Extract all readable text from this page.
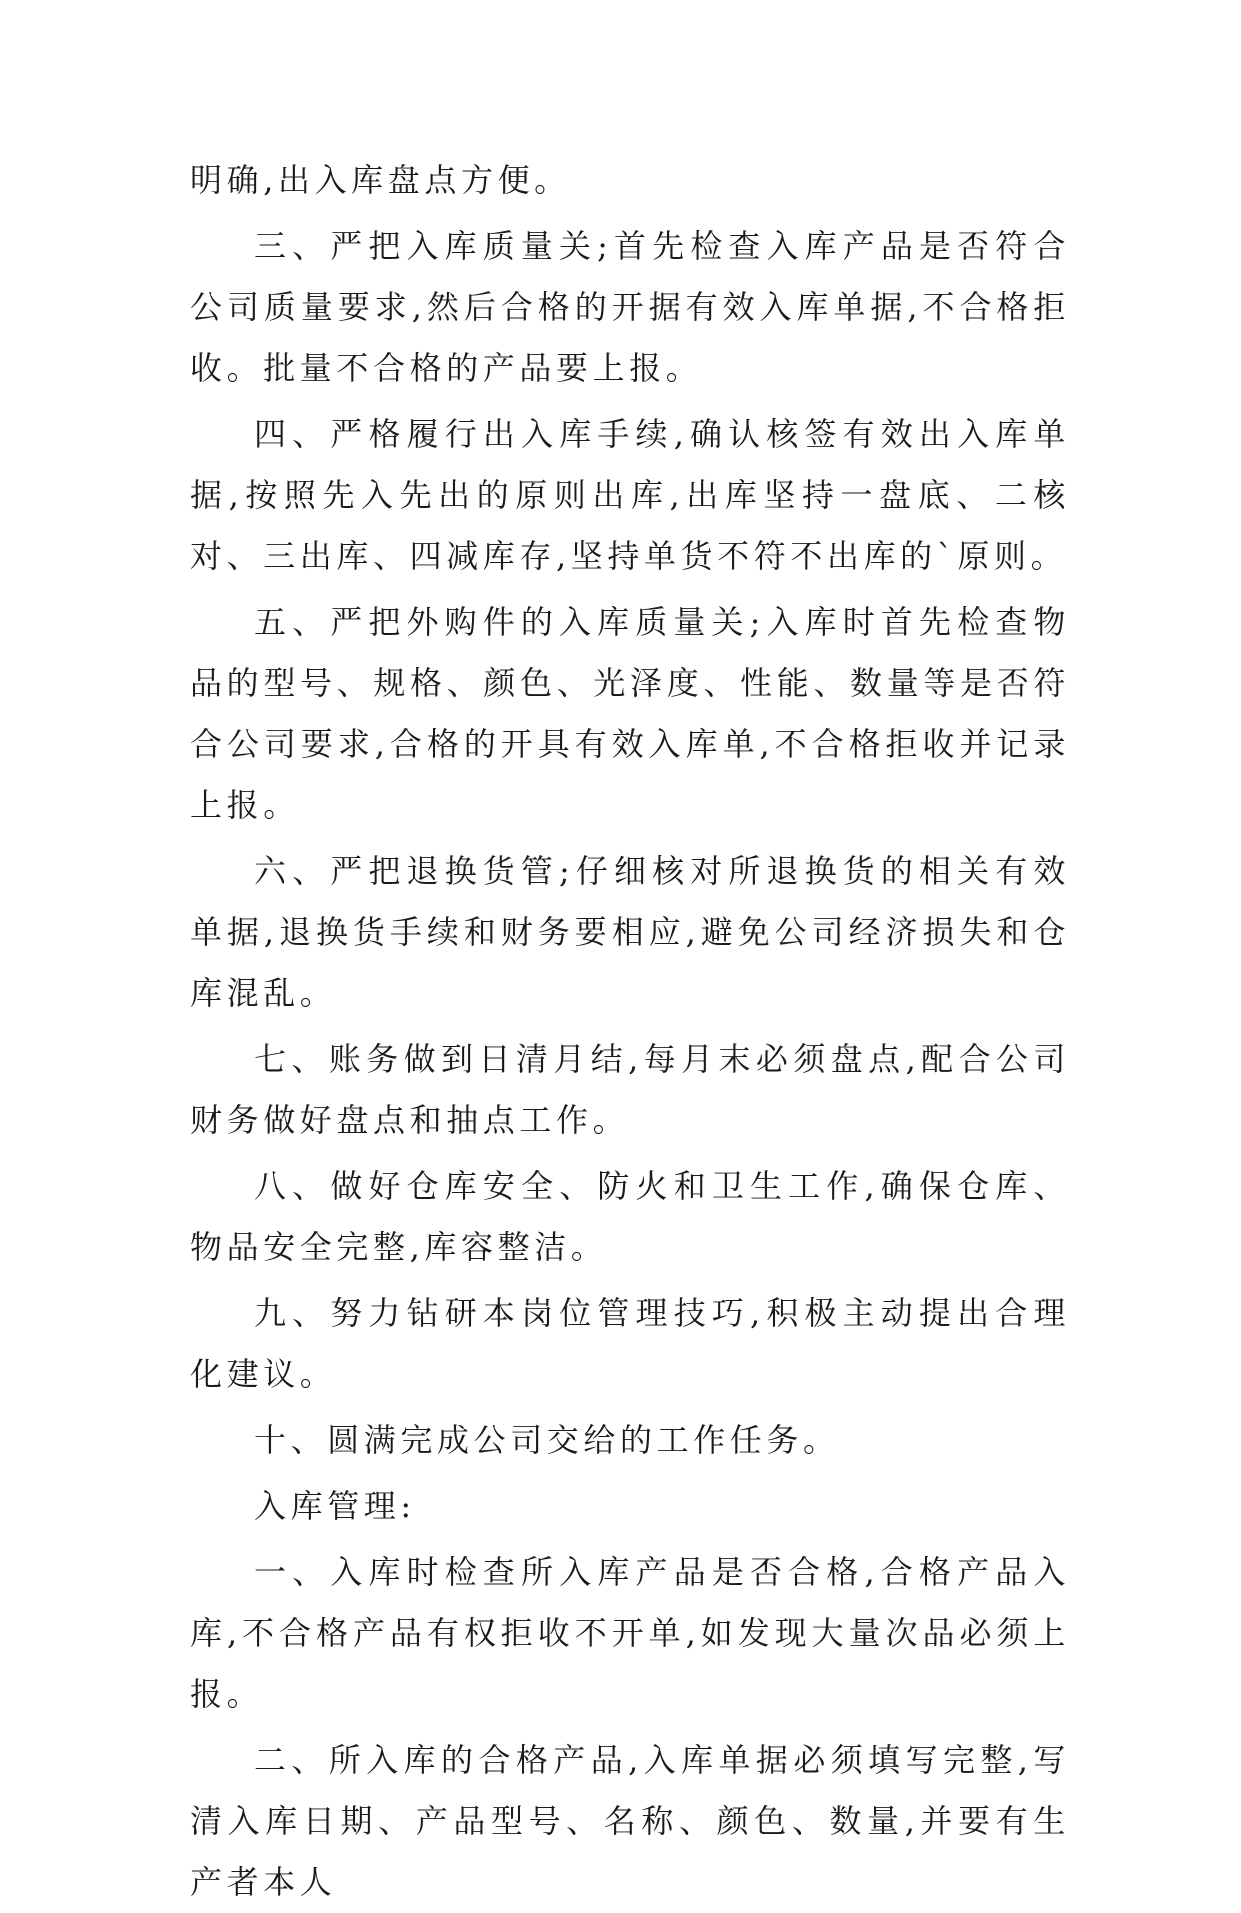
明确,出入库盘点方便。

三、严把入库质量关;首先检查入库产品是否符合公司质量要求,然后合格的开据有效入库单据,不合格拒收。批量不合格的产品要上报。

四、严格履行出入库手续,确认核签有效出入库单据,按照先入先出的原则出库,出库坚持一盘底、二核对、三出库、四减库存,坚持单货不符不出库的`原则。

五、严把外购件的入库质量关;入库时首先检查物品的型号、规格、颜色、光泽度、性能、数量等是否符合公司要求,合格的开具有效入库单,不合格拒收并记录上报。

六、严把退换货管;仔细核对所退换货的相关有效单据,退换货手续和财务要相应,避免公司经济损失和仓库混乱。

七、账务做到日清月结,每月末必须盘点,配合公司财务做好盘点和抽点工作。

八、做好仓库安全、防火和卫生工作,确保仓库、物品安全完整,库容整洁。

九、努力钻研本岗位管理技巧,积极主动提出合理化建议。

十、圆满完成公司交给的工作任务。

入库管理:

一、入库时检查所入库产品是否合格,合格产品入库,不合格产品有权拒收不开单,如发现大量次品必须上报。

二、所入库的合格产品,入库单据必须填写完整,写清入库日期、产品型号、名称、颜色、数量,并要有生产者本人
